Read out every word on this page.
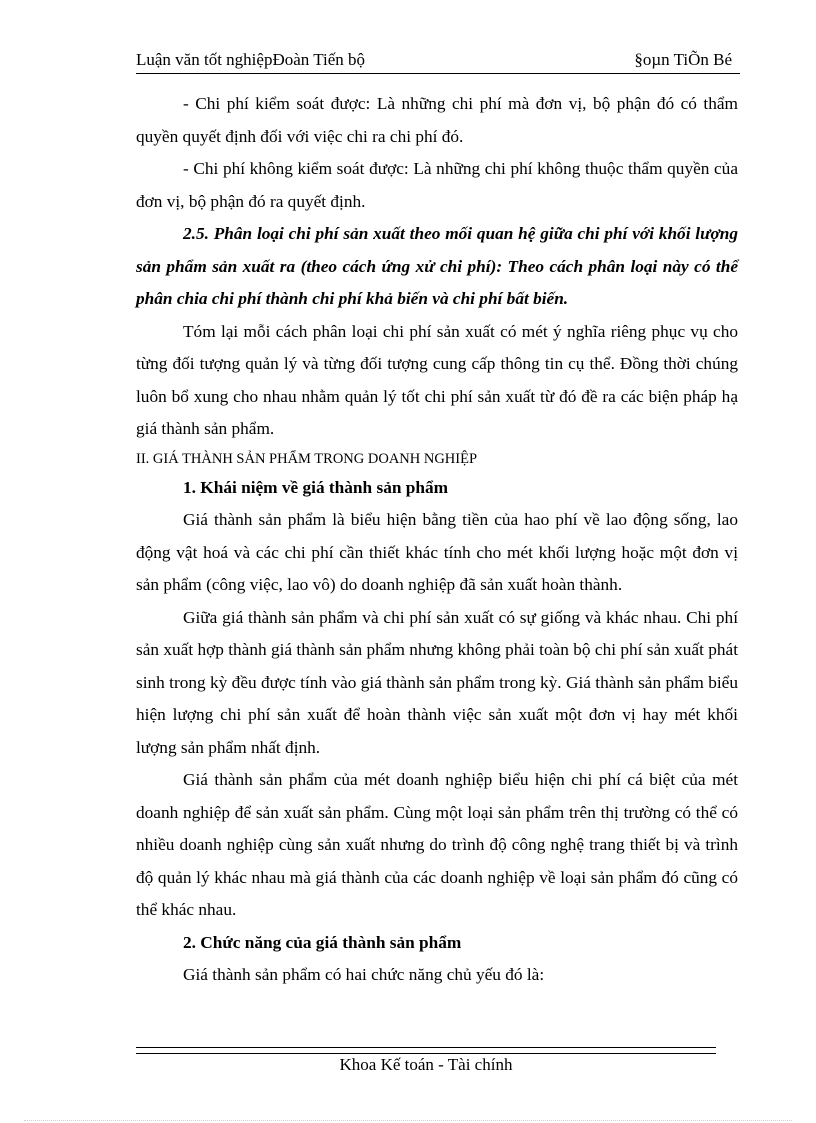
Luận văn tốt nghiệpĐoàn Tiến bộ	§oµn TiÕn Bé

- Chi phí kiểm soát được: Là những chi phí mà đơn vị, bộ phận đó có thẩm quyền quyết định đối với việc chi ra chi phí đó.

- Chi phí không kiểm soát được: Là những chi phí không thuộc thẩm quyền của đơn vị, bộ phận đó ra quyết định.

2.5. Phân loại chi phí sản xuất theo mối quan hệ giữa chi phí với khối lượng sản phẩm sản xuất ra (theo cách ứng xử chi phí): Theo cách phân loại này có thể phân chia chi phí thành chi phí khả biến và chi phí bất biến.

Tóm lại mỗi cách phân loại chi phí sản xuất có mét ý nghĩa riêng phục vụ cho từng đối tượng quản lý và từng đối tượng cung cấp thông tin cụ thể. Đồng thời chúng luôn bổ xung cho nhau nhằm quản lý tốt chi phí sản xuất từ đó đề ra các biện pháp hạ giá thành sản phẩm.

II. GIÁ THÀNH SẢN PHẨM TRONG DOANH NGHIỆP

1. Khái niệm về giá thành sản phẩm

Giá thành sản phẩm là biểu hiện bằng tiền của hao phí về lao động sống, lao động vật hoá và các chi phí cần thiết khác tính cho mét khối lượng hoặc một đơn vị sản phẩm (công việc, lao vô) do doanh nghiệp đã sản xuất hoàn thành.

Giữa giá thành sản phẩm và chi phí sản xuất có sự giống và khác nhau. Chi phí sản xuất hợp thành giá thành sản phẩm nhưng không phải toàn bộ chi phí sản xuất phát sinh trong kỳ đều được tính vào giá thành sản phẩm trong kỳ. Giá thành sản phẩm biểu hiện lượng chi phí sản xuất để hoàn thành việc sản xuất một đơn vị hay mét khối lượng sản phẩm nhất định.

Giá thành sản phẩm của mét doanh nghiệp biểu hiện chi phí cá biệt của mét doanh nghiệp để sản xuất sản phẩm. Cùng một loại sản phẩm trên thị trường có thể có nhiều doanh nghiệp cùng sản xuất nhưng do trình độ công nghệ trang thiết bị và trình độ quản lý khác nhau mà giá thành của các doanh nghiệp về loại sản phẩm đó cũng có thể khác nhau.

2. Chức năng của giá thành sản phẩm

Giá thành sản phẩm có hai chức năng chủ yếu đó là:

Khoa Kế toán - Tài chính
